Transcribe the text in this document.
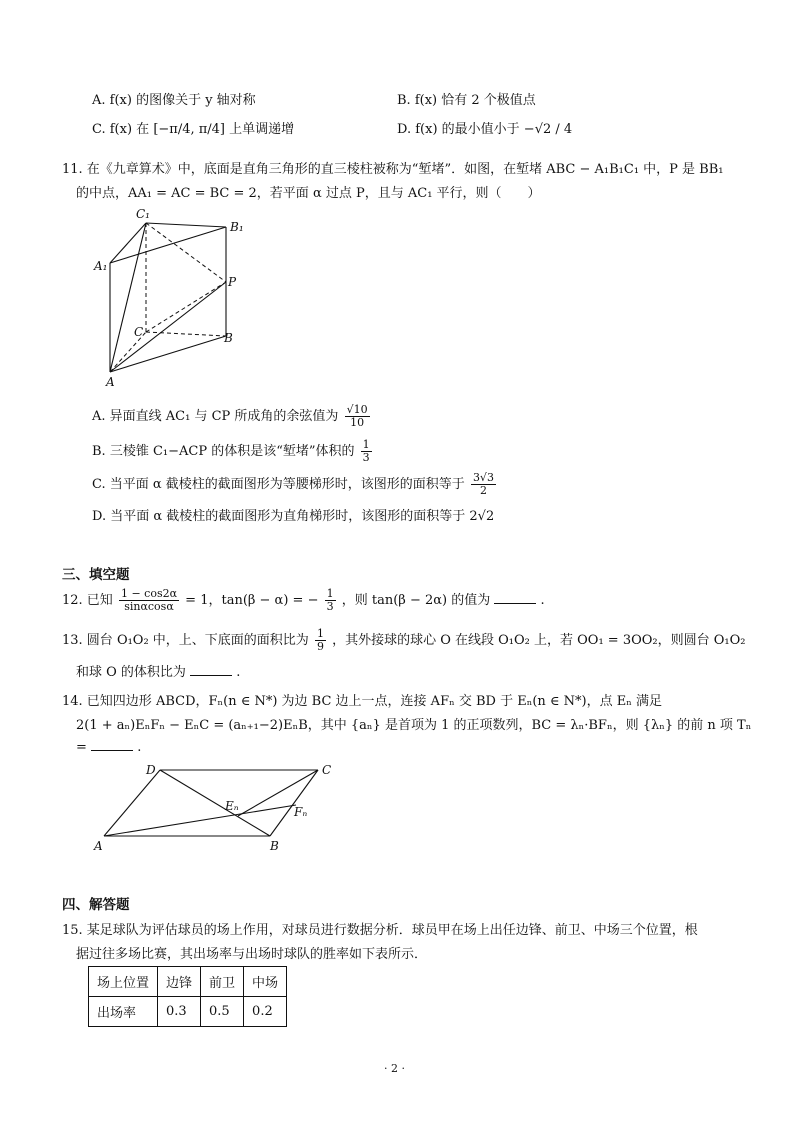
A. f(x) 的图像关于 y 轴对称	B. f(x) 恰有 2 个极值点
C. f(x) 在 [−π/4, π/4] 上单调递增	D. f(x) 的最小值小于 −√2 / 4
11. 在《九章算术》中，底面是直角三角形的直三棱柱被称为“堑堵”．如图，在堑堵 ABC − A₁B₁C₁ 中，P 是 BB₁
的中点，AA₁ = AC = BC = 2，若平面 α 过点 P，且与 AC₁ 平行，则（　　）
C₁
B₁
A₁
P
C	B
A
A. 异面直线 AC₁ 与 CP 所成角的余弦值为 $\frac{√10}{10}$
B. 三棱锥 C₁−ACP 的体积是该“堑堵”体积的 $\frac{1}{3}$
C. 当平面 α 截棱柱的截面图形为等腰梯形时，该图形的面积等于 $\frac{3√3}{2}$
D. 当平面 α 截棱柱的截面图形为直角梯形时，该图形的面积等于 2√2
三、填空题
12. 已知 $\frac{1 - \cos 2\alpha}{\sin\alpha\cos\alpha} = 1$，tan(β − α) = − $\frac{1}{3}$ ，则 tan(β − 2α) 的值为	.
13. 圆台 O₁O₂ 中，上、下底面的面积比为 $\frac{1}{9}$ ，其外接球的球心 O 在线段 O₁O₂ 上，若 OO₁ = 3OO₂，则圆台 O₁O₂
和球 O 的体积比为	.
14. 已知四边形 ABCD，Fₙ(n ∈ N*) 为边 BC 边上一点，连接 AFₙ 交 BD 于 Eₙ(n ∈ N*)，点 Eₙ 满足
2(1 + aₙ)EₙFₙ − EₙC = (aₙ₊₁−2)EₙB，其中 {aₙ} 是首项为 1 的正项数列，BC = λₙ·BFₙ，则 {λₙ} 的前 n 项 Tₙ
=	.
D	C
A	B
Eₙ	Fₙ
四、解答题
15. 某足球队为评估球员的场上作用，对球员进行数据分析．球员甲在场上出任边锋、前卫、中场三个位置，根
据过往多场比赛，其出场率与出场时球队的胜率如下表所示．
场上位置	边锋	前卫	中场
出场率	0.3	0.5	0.2
· 2 ·
